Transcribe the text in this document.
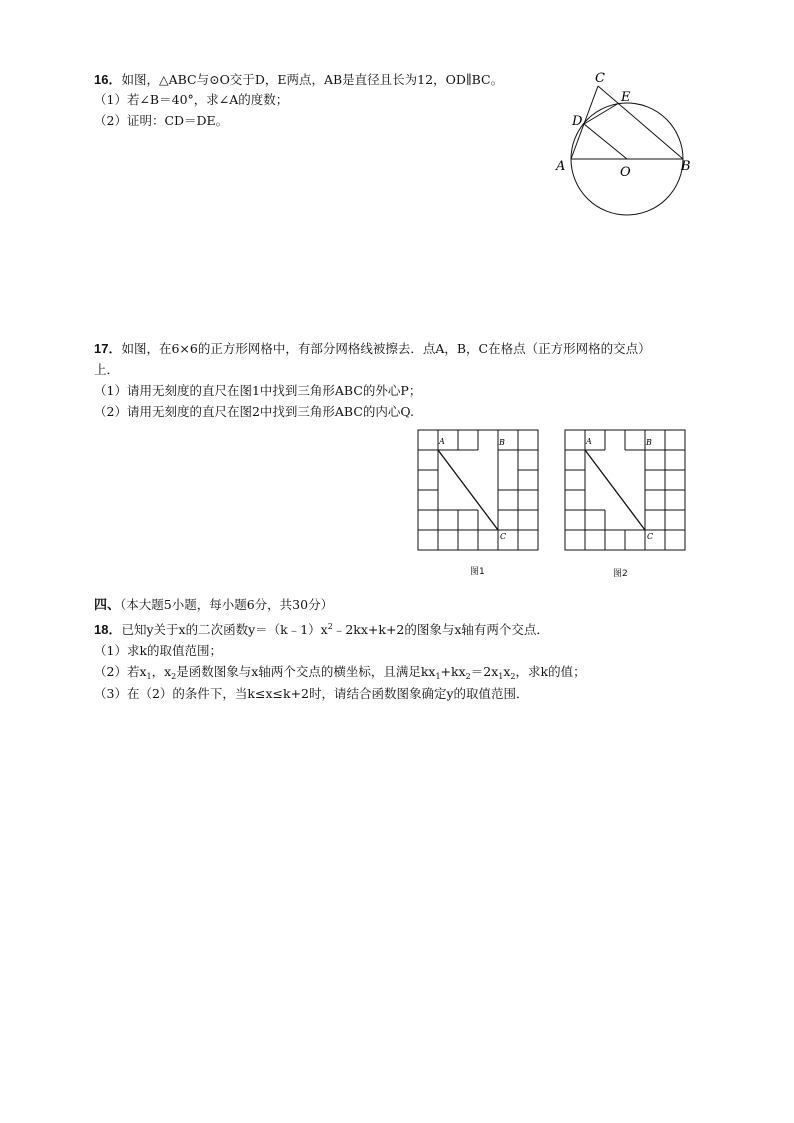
16．如图，△ABC与⊙O交于D，E两点，AB是直径且长为12，OD∥BC。
（1）若∠B＝40°，求∠A的度数；
（2）证明：CD＝DE。
C
E
D
A	O	B
17．如图，在6×6的正方形网格中，有部分网格线被擦去．点A，B，C在格点（正方形网格的交点）
上．
（1）请用无刻度的直尺在图1中找到三角形ABC的外心P；
（2）请用无刻度的直尺在图2中找到三角形ABC的内心Q.
A	B
C
图1
A	B
C
图2
四、（本大题5小题，每小题6分，共30分）
18．已知y关于x的二次函数$y=(k﹣1)x^2﹣2kx+k+2$的图象与x轴有两个交点．
（1）求k的取值范围；
（2）若$x_1$，$x_2$是函数图象与x轴两个交点的横坐标，且满足$kx_1+kx_2=2x_1x_2$，求k的值；
（3）在（2）的条件下，当k≤x≤k+2时，请结合函数图象确定y的取值范围．
